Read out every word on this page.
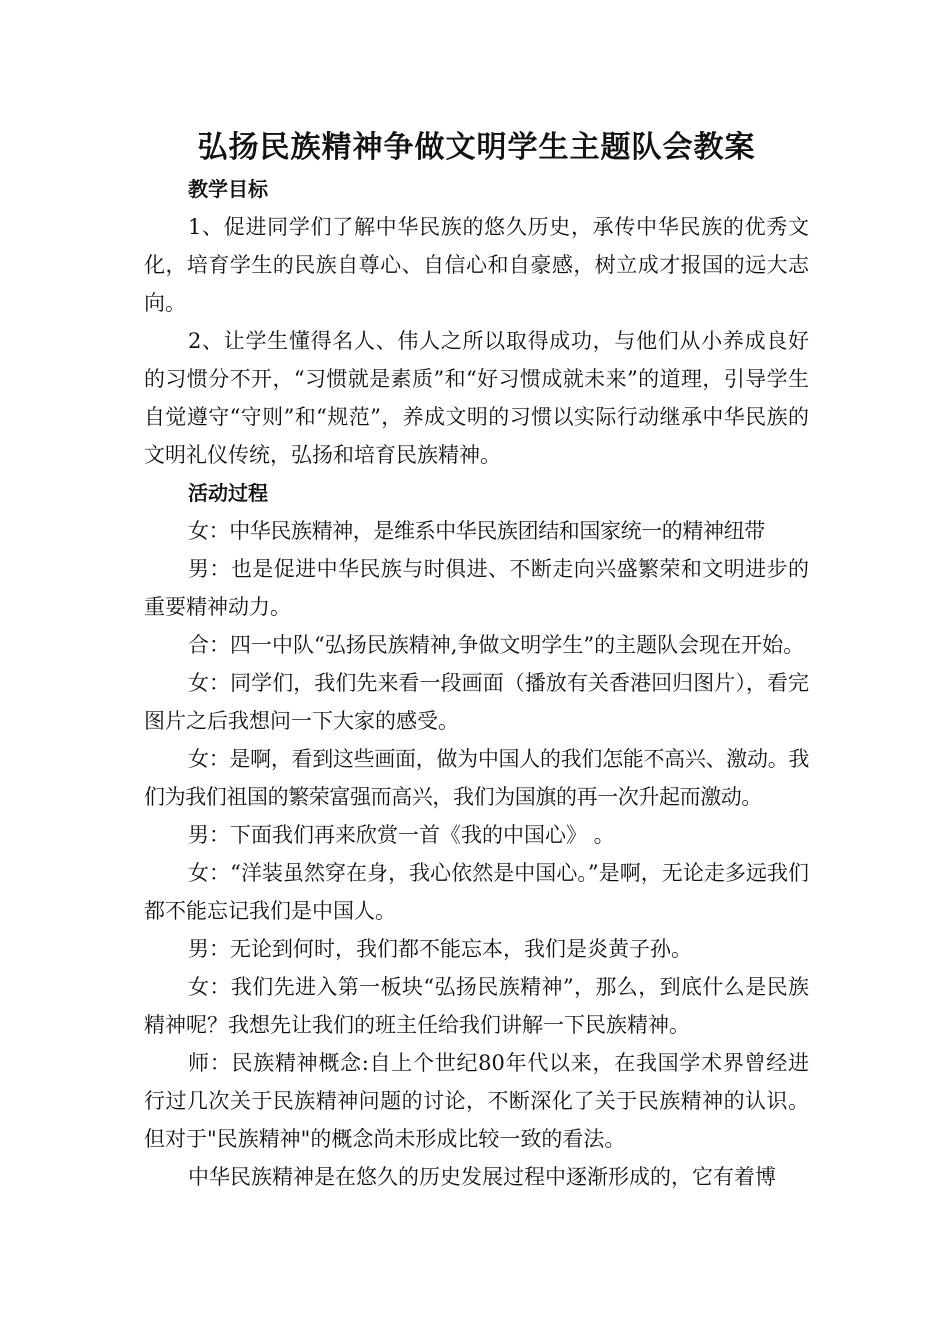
弘扬民族精神争做文明学生主题队会教案

教学目标

1、促进同学们了解中华民族的悠久历史，承传中华民族的优秀文化，培育学生的民族自尊心、自信心和自豪感，树立成才报国的远大志向。

2、让学生懂得名人、伟人之所以取得成功，与他们从小养成良好的习惯分不开，“习惯就是素质”和“好习惯成就未来”的道理，引导学生自觉遵守“守则”和“规范”，养成文明的习惯以实际行动继承中华民族的文明礼仪传统，弘扬和培育民族精神。

活动过程

女：中华民族精神，是维系中华民族团结和国家统一的精神纽带

男：也是促进中华民族与时俱进、不断走向兴盛繁荣和文明进步的重要精神动力。

合：四一中队“弘扬民族精神,争做文明学生”的主题队会现在开始。

女：同学们，我们先来看一段画面（播放有关香港回归图片），看完图片之后我想问一下大家的感受。

女：是啊，看到这些画面，做为中国人的我们怎能不高兴、激动。我们为我们祖国的繁荣富强而高兴，我们为国旗的再一次升起而激动。

男：下面我们再来欣赏一首《我的中国心》 。

女：“洋装虽然穿在身，我心依然是中国心。”是啊，无论走多远我们都不能忘记我们是中国人。

男：无论到何时，我们都不能忘本，我们是炎黄子孙。

女：我们先进入第一板块“弘扬民族精神”，那么，到底什么是民族精神呢？我想先让我们的班主任给我们讲解一下民族精神。

师：民族精神概念:自上个世纪80年代以来，在我国学术界曾经进行过几次关于民族精神问题的讨论，不断深化了关于民族精神的认识。但对于"民族精神"的概念尚未形成比较一致的看法。

中华民族精神是在悠久的历史发展过程中逐渐形成的，它有着博
